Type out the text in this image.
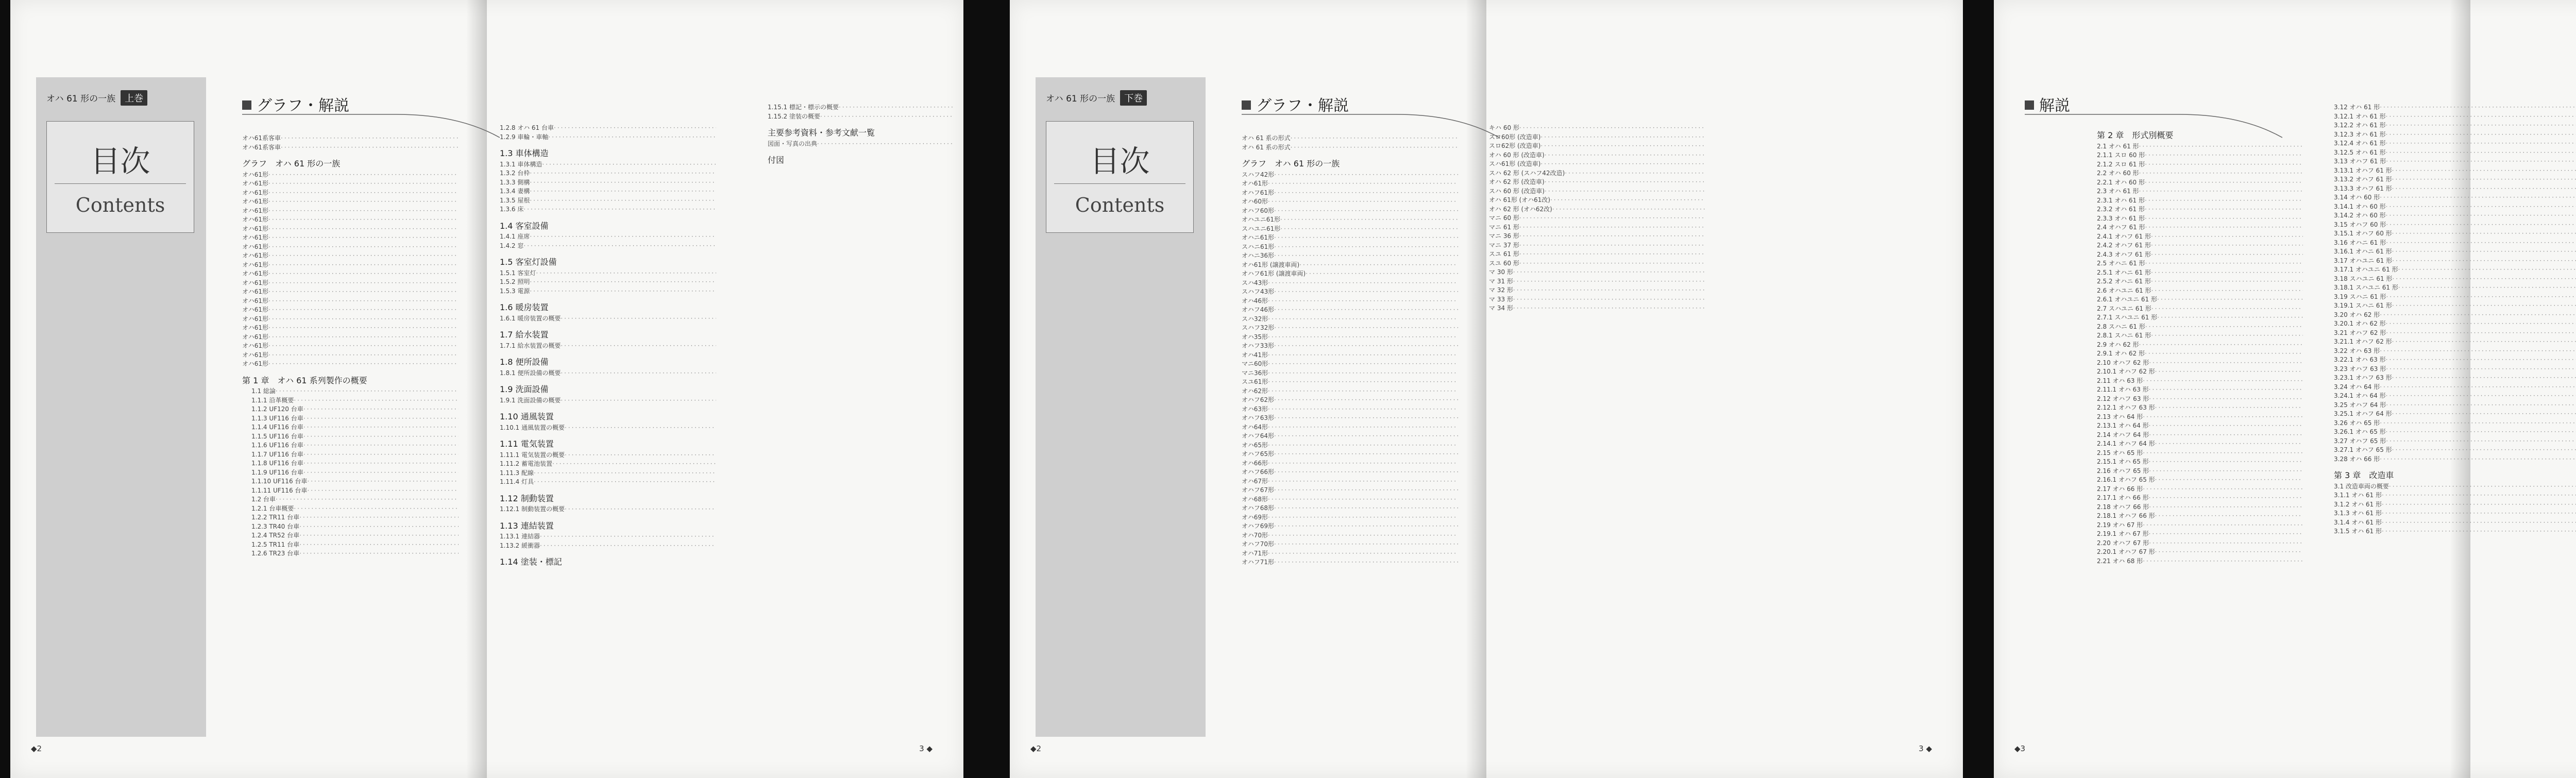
オハ 61 形の一族 上巻
目次
Contents
グラフ・解説
オハ61系客車
·····
オハ61系客車
·····
グラフ　オハ 61 形の一族
オハ61形
·····
オハ61形
·····
オハ61形
·····
オハ61形
·····
オハ61形
·····
オハ61形
·····
オハ61形
·····
オハ61形
·····
オハ61形
·····
オハ61形
·····
オハ61形
·····
オハ61形
·····
オハ61形
·····
オハ61形
·····
オハ61形
·····
オハ61形
·····
オハ61形
·····
オハ61形
·····
オハ61形
·····
オハ61形
·····
オハ61形
·····
オハ61形
·····
第 1 章　オハ 61 系列製作の概要
1.1 総論
·····
1.1.1 沿革概要
·····
1.1.2 UF120 台車
·····
1.1.3 UF116 台車
·····
1.1.4 UF116 台車
·····
1.1.5 UF116 台車
·····
1.1.6 UF116 台車
·····
1.1.7 UF116 台車
·····
1.1.8 UF116 台車
·····
1.1.9 UF116 台車
·····
1.1.10 UF116 台車
·····
1.1.11 UF116 台車
·····
1.2 台車
·····
1.2.1 台車概要
·····
1.2.2 TR11 台車
·····
1.2.3 TR40 台車
·····
1.2.4 TR52 台車
·····
1.2.5 TR11 台車
·····
1.2.6 TR23 台車
·····
1.2.8 オハ 61 台車
·····
1.2.9 車輪・車軸
·····
1.3 車体構造
1.3.1 車体構造
·····
1.3.2 台枠
·····
1.3.3 側構
·····
1.3.4 妻構
·····
1.3.5 屋根
·····
1.3.6 床
·····
1.4 客室設備
1.4.1 座席
·····
1.4.2 窓
·····
1.5 客室灯設備
1.5.1 客室灯
·····
1.5.2 照明
·····
1.5.3 電源
·····
1.6 暖房装置
1.6.1 暖房装置の概要
·····
1.7 給水装置
1.7.1 給水装置の概要
·····
1.8 便所設備
1.8.1 便所設備の概要
·····
1.9 洗面設備
1.9.1 洗面設備の概要
·····
1.10 通風装置
1.10.1 通風装置の概要
·····
1.11 電気装置
1.11.1 電気装置の概要
·····
1.11.2 蓄電池装置
·····
1.11.3 配線
·····
1.11.4 灯具
·····
1.12 制動装置
1.12.1 制動装置の概要
·····
1.13 連結装置
1.13.1 連結器
·····
1.13.2 緩衝器
·····
1.14 塗装・標記
1.15.1 標記・標示の概要
·····
1.15.2 塗装の概要
·····
主要参考資料・参考文献一覧
図面・写真の出典
·····
付図
◆2	3 ◆
オハ 61 形の一族 下巻
目次
Contents
グラフ・解説
オハ 61 系の形式
·····
オハ 61 系の形式
·····
グラフ　オハ 61 形の一族
スハフ42形
·····
オハ61形
·····
オハフ61形
·····
オハ60形
·····
オハフ60形
·····
オハユニ61形
·····
スハユニ61形
·····
オハニ61形
·····
スハニ61形
·····
オハニ36形
·····
オハ61形 (譲渡車両)
·····
オハフ61形 (譲渡車両)
·····
スハ43形
·····
スハフ43形
·····
オハ46形
·····
オハフ46形
·····
スハ32形
·····
スハフ32形
·····
オハ35形
·····
オハフ33形
·····
オハ41形
·····
マニ60形
·····
マニ36形
·····
スユ61形
·····
オハ62形
·····
オハフ62形
·····
オハ63形
·····
オハフ63形
·····
オハ64形
·····
オハフ64形
·····
オハ65形
·····
オハフ65形
·····
オハ66形
·····
オハフ66形
·····
オハ67形
·····
オハフ67形
·····
オハ68形
·····
オハフ68形
·····
オハ69形
·····
オハフ69形
·····
オハ70形
·····
オハフ70形
·····
オハ71形
·····
オハフ71形
·····
キハ 60 形
·····
スロ60形 (改造車)
·····
スロ62形 (改造車)
·····
オハ 60 形 (改造車)
·····
スハ61形 (改造車)
·····
スハ 62 形 (スハフ42改造)
·····
オハ 62 形 (改造車)
·····
スハ 60 形 (改造車)
·····
オハ 61形 (オハ61改)
·····
オハ 62 形 (オハ62改)
·····
マニ 60 形
·····
マニ 61 形
·····
マニ 36 形
·····
マニ 37 形
·····
スユ 61 形
·····
スユ 60 形
·····
マ 30 形
·····
マ 31 形
·····
マ 32 形
·····
マ 33 形
·····
マ 34 形
·····
◆2	3 ◆
解説
第 2 章　形式別概要
2.1 オハ 61 形
·····
2.1.1 スロ 60 形
·····
2.1.2 スロ 61 形
·····
2.2 オハ 60 形
·····
2.2.1 オハ 60 形
·····
2.3 オハ 61 形
·····
2.3.1 オハ 61 形
·····
2.3.2 オハ 61 形
·····
2.3.3 オハ 61 形
·····
2.4 オハフ 61 形
·····
2.4.1 オハフ 61 形
·····
2.4.2 オハフ 61 形
·····
2.4.3 オハフ 61 形
·····
2.5 オハニ 61 形
·····
2.5.1 オハニ 61 形
·····
2.5.2 オハニ 61 形
·····
2.6 オハユニ 61 形
·····
2.6.1 オハユニ 61 形
·····
2.7 スハユニ 61 形
·····
2.7.1 スハユニ 61 形
·····
2.8 スハニ 61 形
·····
2.8.1 スハニ 61 形
·····
2.9 オハ 62 形
·····
2.9.1 オハ 62 形
·····
2.10 オハフ 62 形
·····
2.10.1 オハフ 62 形
·····
2.11 オハ 63 形
·····
2.11.1 オハ 63 形
·····
2.12 オハフ 63 形
·····
2.12.1 オハフ 63 形
·····
2.13 オハ 64 形
·····
2.13.1 オハ 64 形
·····
2.14 オハフ 64 形
·····
2.14.1 オハフ 64 形
·····
2.15 オハ 65 形
·····
2.15.1 オハ 65 形
·····
2.16 オハフ 65 形
·····
2.16.1 オハフ 65 形
·····
2.17 オハ 66 形
·····
2.17.1 オハ 66 形
·····
2.18 オハフ 66 形
·····
2.18.1 オハフ 66 形
·····
2.19 オハ 67 形
·····
2.19.1 オハ 67 形
·····
2.20 オハフ 67 形
·····
2.20.1 オハフ 67 形
·····
2.21 オハ 68 形
·····
3.12 オハ 61 形
·····
3.12.1 オハ 61 形
·····
3.12.2 オハ 61 形
·····
3.12.3 オハ 61 形
·····
3.12.4 オハ 61 形
·····
3.12.5 オハ 61 形
·····
3.13 オハフ 61 形
·····
3.13.1 オハフ 61 形
·····
3.13.2 オハフ 61 形
·····
3.13.3 オハフ 61 形
·····
3.14 オハ 60 形
·····
3.14.1 オハ 60 形
·····
3.14.2 オハ 60 形
·····
3.15 オハフ 60 形
·····
3.15.1 オハフ 60 形
·····
3.16 オハニ 61 形
·····
3.16.1 オハニ 61 形
·····
3.17 オハユニ 61 形
·····
3.17.1 オハユニ 61 形
·····
3.18 スハユニ 61 形
·····
3.18.1 スハユニ 61 形
·····
3.19 スハニ 61 形
·····
3.19.1 スハニ 61 形
·····
3.20 オハ 62 形
·····
3.20.1 オハ 62 形
·····
3.21 オハフ 62 形
·····
3.21.1 オハフ 62 形
·····
3.22 オハ 63 形
·····
3.22.1 オハ 63 形
·····
3.23 オハフ 63 形
·····
3.23.1 オハフ 63 形
·····
3.24 オハ 64 形
·····
3.24.1 オハ 64 形
·····
3.25 オハフ 64 形
·····
3.25.1 オハフ 64 形
·····
3.26 オハ 65 形
·····
3.26.1 オハ 65 形
·····
3.27 オハフ 65 形
·····
3.27.1 オハフ 65 形
·····
3.28 オハ 66 形
·····
第 3 章　改造車
3.1 改造車両の概要
·····
3.1.1 オハ 61 形
·····
3.1.2 オハ 61 形
·····
3.1.3 オハ 61 形
·····
3.1.4 オハ 61 形
·····
3.1.5 オハ 61 形
·····
◆3
